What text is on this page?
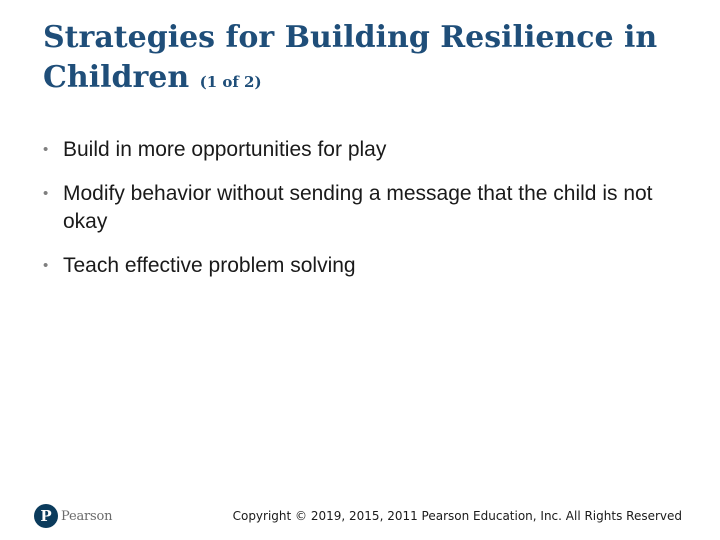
Strategies for Building Resilience in Children (1 of 2)
• Build in more opportunities for play
• Modify behavior without sending a message that the child is not okay
• Teach effective problem solving
P Pearson	Copyright © 2019, 2015, 2011 Pearson Education, Inc. All Rights Reserved
